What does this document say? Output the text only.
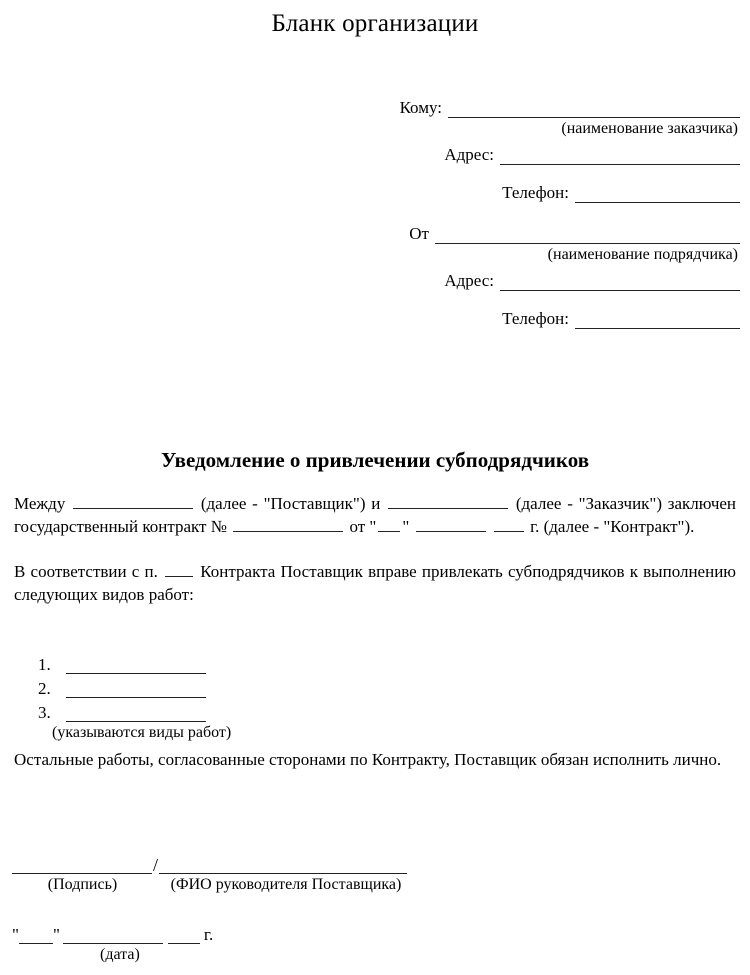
Бланк организации
Кому:
(наименование заказчика)
Адрес:
Телефон:
От
(наименование подрядчика)
Адрес:
Телефон:
Уведомление о привлечении субподрядчиков

Между	(далее - "Поставщик") и	(далее - "Заказчик") заключен государственный контракт №	от " "	г. (далее - "Контракт").

В соответствии с п. Контракта Поставщик вправе привлекать субподрядчиков к выполнению следующих видов работ:

1.
2.
3.
(указываются виды работ)

Остальные работы, согласованные сторонами по Контракту, Поставщик обязан исполнить лично.

/
(Подпись)	(ФИО руководителя Поставщика)
" "	г.
(дата)
